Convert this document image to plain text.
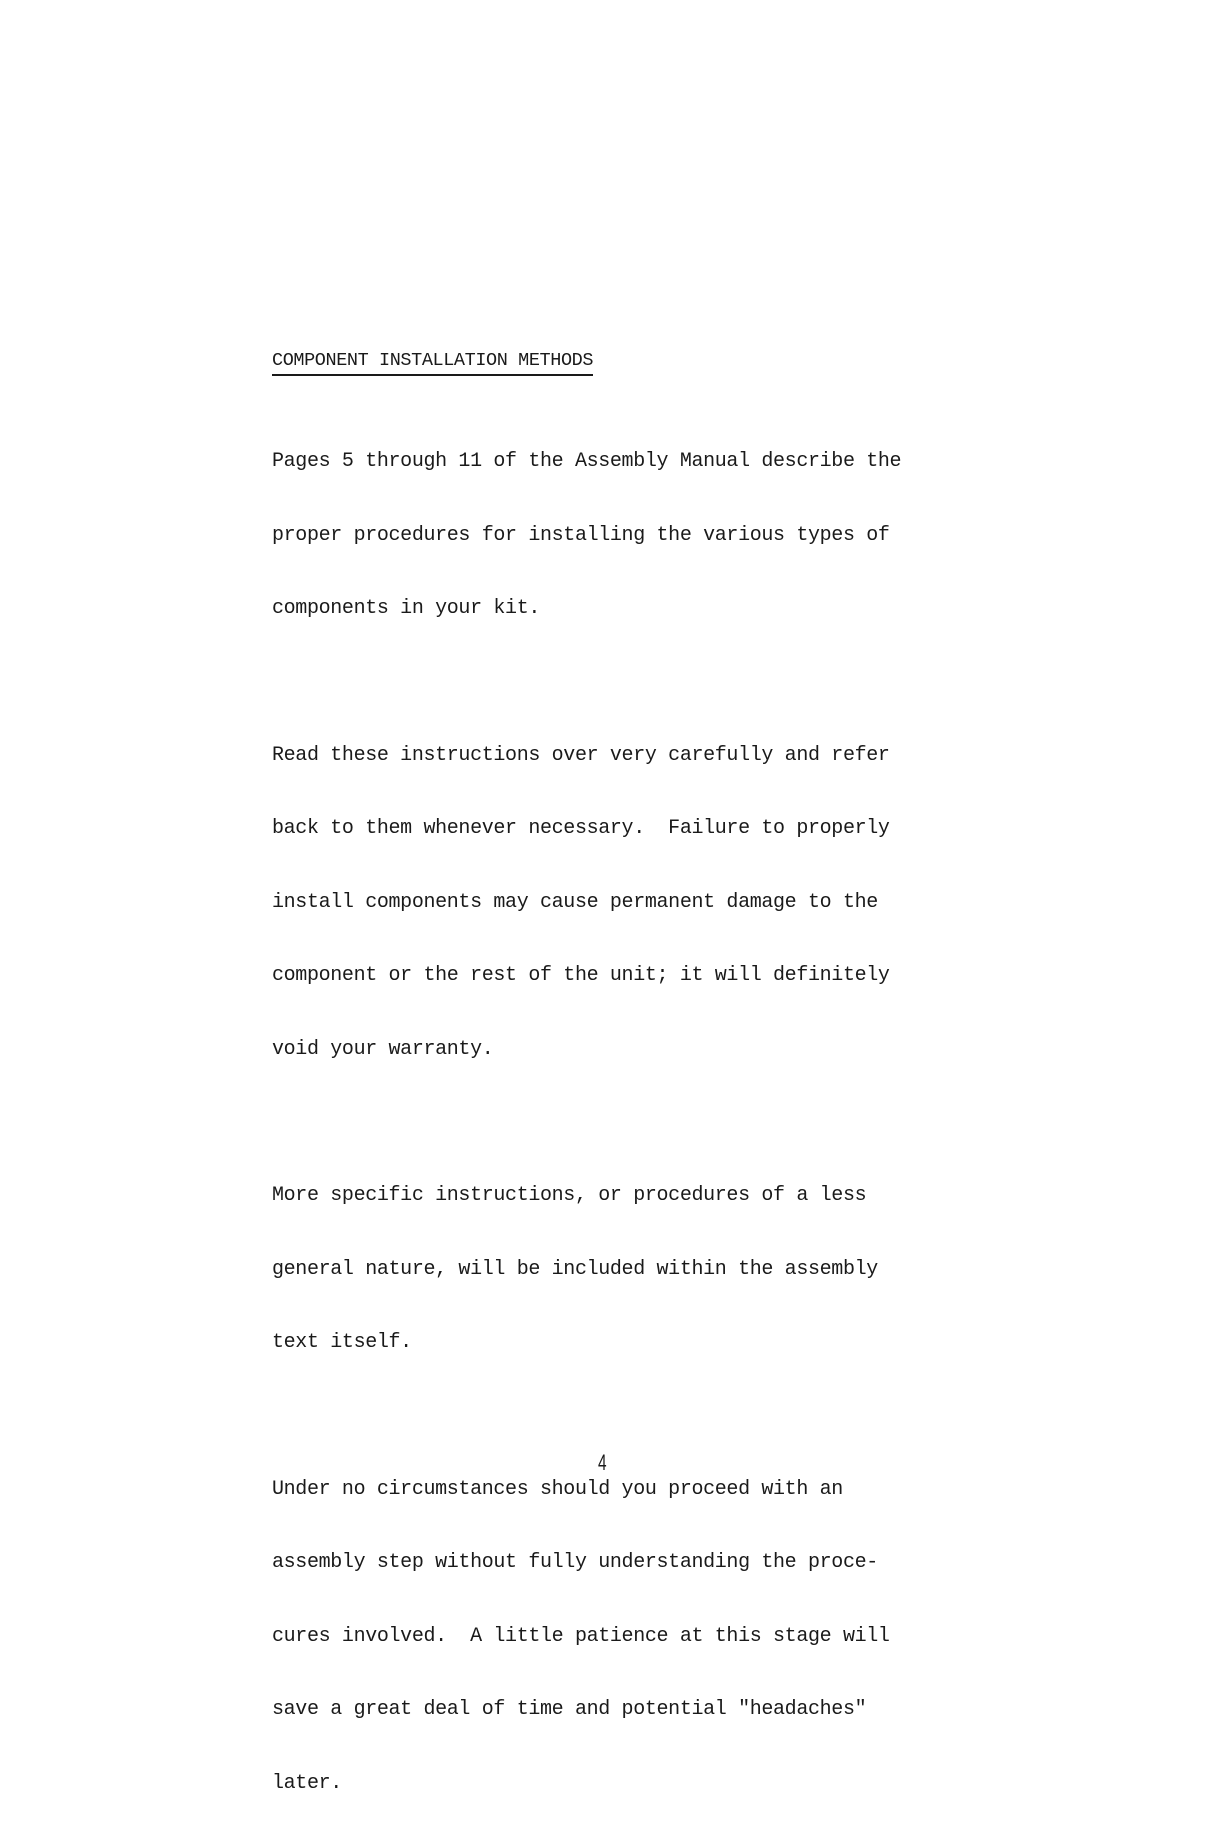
COMPONENT INSTALLATION METHODS

Pages 5 through 11 of the Assembly Manual describe the

proper procedures for installing the various types of

components in your kit.

Read these instructions over very carefully and refer

back to them whenever necessary.  Failure to properly

install components may cause permanent damage to the

component or the rest of the unit; it will definitely

void your warranty.

More specific instructions, or procedures of a less

general nature, will be included within the assembly

text itself.

Under no circumstances should you proceed with an

assembly step without fully understanding the proce-

cures involved.  A little patience at this stage will

save a great deal of time and potential "headaches"

later.

4
